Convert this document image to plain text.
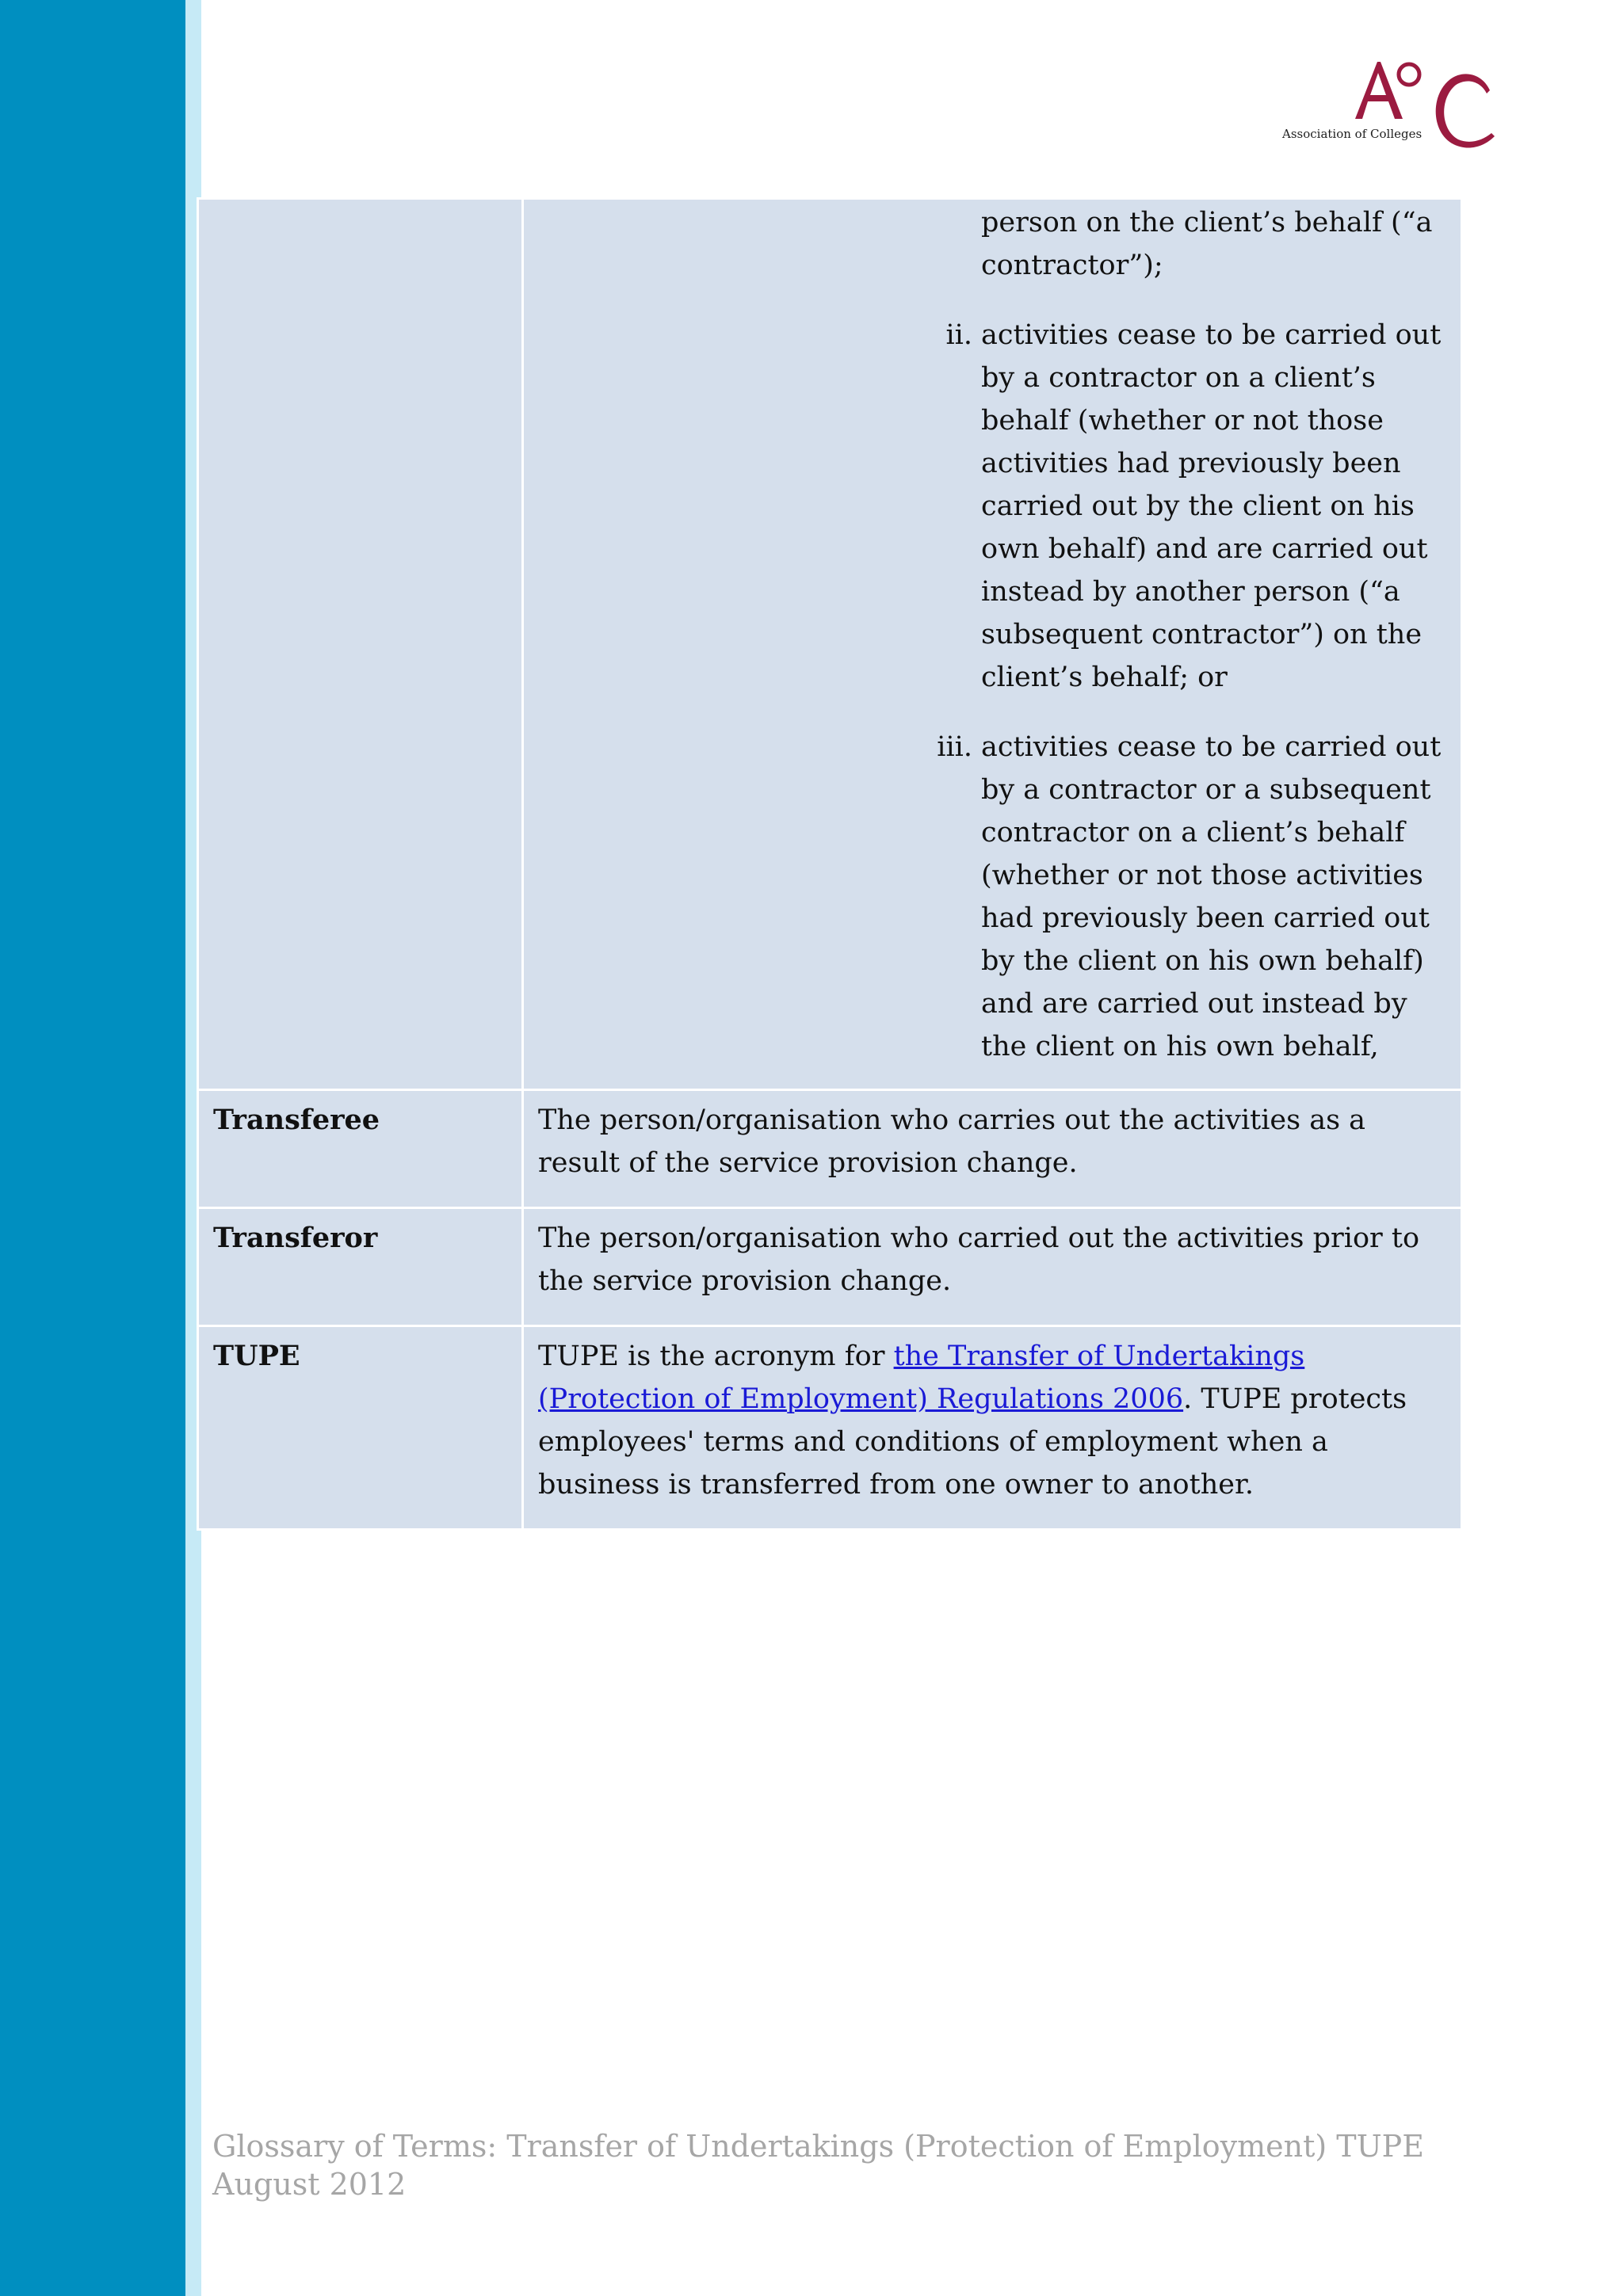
Association of Colleges

person on the client’s behalf (“a contractor”);
ii. activities cease to be carried out by a contractor on a client’s behalf (whether or not those activities had previously been carried out by the client on his own behalf) and are carried out instead by another person (“a subsequent contractor”) on the client’s behalf; or
iii. activities cease to be carried out by a contractor or a subsequent contractor on a client’s behalf (whether or not those activities had previously been carried out by the client on his own behalf) and are carried out instead by the client on his own behalf,

Transferee	The person/organisation who carries out the activities as a result of the service provision change.
Transferor	The person/organisation who carried out the activities prior to the service provision change.
TUPE	TUPE is the acronym for the Transfer of Undertakings (Protection of Employment) Regulations 2006. TUPE protects employees' terms and conditions of employment when a business is transferred from one owner to another.
Glossary of Terms: Transfer of Undertakings (Protection of Employment) TUPE
August 2012
